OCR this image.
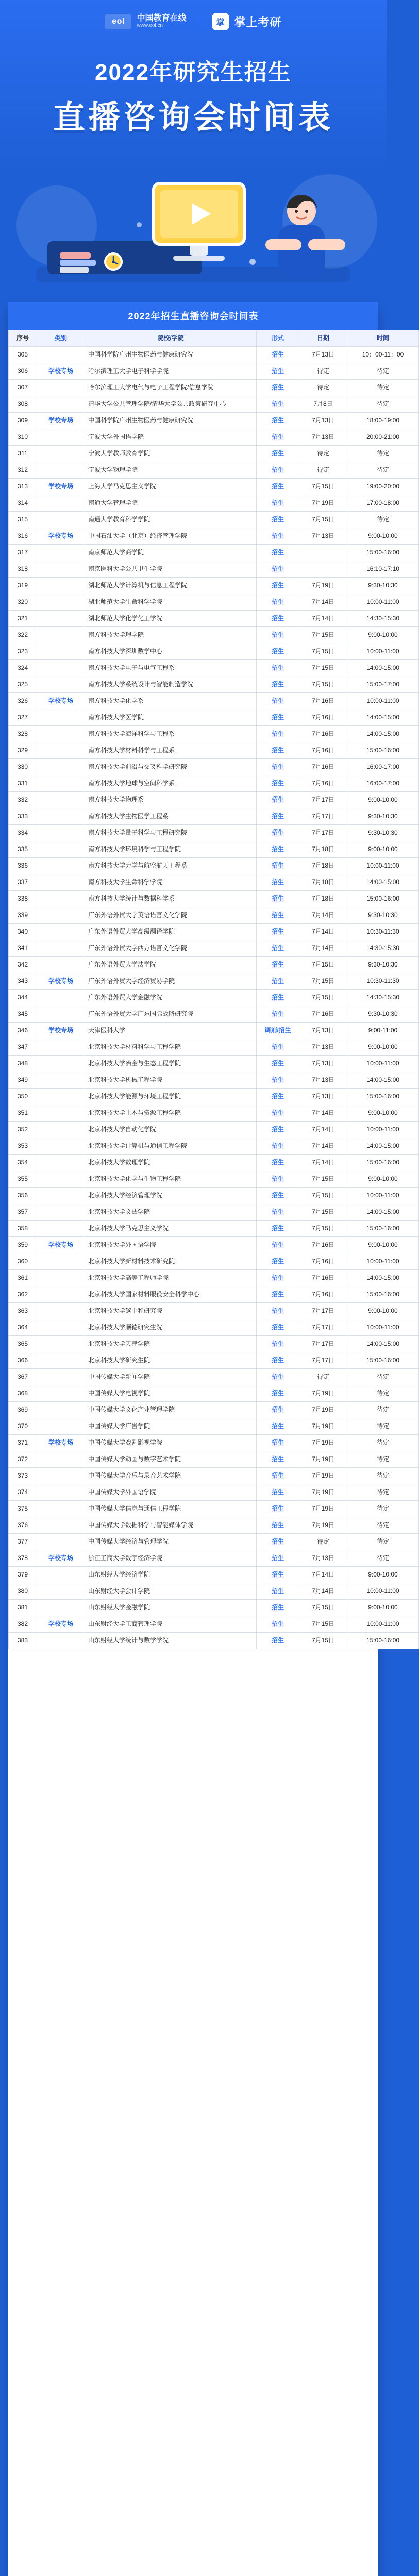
eol	中国教育在线
www.eol.cn	掌 掌上考研
2022年研究生招生
直播咨询会时间表
2022年招生直播咨询会时间表
序号	类别	院校/学院	形式	日期	时间
305		中国科学院广州生物医药与健康研究院	招生	7月13日	10：00-11：00
306	学校专场	哈尔滨理工大学电子科学学院	招生	待定	待定
307		哈尔滨理工大学电气与电子工程学院/信息学院	招生	待定	待定
308		清华大学公共管理学院/清华大学公共政策研究中心	招生	7月8日	待定
309	学校专场	中国科学院广州生物医药与健康研究院	招生	7月13日	18:00-19:00
310		宁波大学外国语学院	招生	7月13日	20:00-21:00
311		宁波大学教师教育学院	招生	待定	待定
312		宁波大学物理学院	招生	待定	待定
313	学校专场	上海大学马克思主义学院	招生	7月15日	19:00-20:00
314		南通大学管理学院	招生	7月19日	17:00-18:00
315		南通大学教育科学学院	招生	7月15日	待定
316	学校专场	中国石油大学（北京）经济管理学院	招生	7月13日	9:00-10:00
317		南京师范大学商学院	招生		15:00-16:00
318		南京医科大学公共卫生学院	招生		16:10-17:10
319		湖北师范大学计算机与信息工程学院	招生	7月19日	9:30-10:30
320		湖北师范大学生命科学学院	招生	7月14日	10:00-11:00
321		湖北师范大学化学化工学院	招生	7月14日	14:30-15:30
322		南方科技大学理学院	招生	7月15日	9:00-10:00
323		南方科技大学深圳数学中心	招生	7月15日	10:00-11:00
324		南方科技大学电子与电气工程系	招生	7月15日	14:00-15:00
325		南方科技大学系统设计与智能制造学院	招生	7月15日	15:00-17:00
326	学校专场	南方科技大学化学系	招生	7月16日	10:00-11:00
327		南方科技大学医学院	招生	7月16日	14:00-15:00
328		南方科技大学海洋科学与工程系	招生	7月16日	14:00-15:00
329		南方科技大学材料科学与工程系	招生	7月16日	15:00-16:00
330		南方科技大学前沿与交叉科学研究院	招生	7月16日	16:00-17:00
331		南方科技大学地球与空间科学系	招生	7月16日	16:00-17:00
332		南方科技大学物理系	招生	7月17日	9:00-10:00
333		南方科技大学生物医学工程系	招生	7月17日	9:30-10:30
334		南方科技大学量子科学与工程研究院	招生	7月17日	9:30-10:30
335		南方科技大学环境科学与工程学院	招生	7月18日	9:00-10:00
336		南方科技大学力学与航空航天工程系	招生	7月18日	10:00-11:00
337		南方科技大学生命科学学院	招生	7月18日	14:00-15:00
338		南方科技大学统计与数据科学系	招生	7月18日	15:00-16:00
339		广东外语外贸大学英语语言文化学院	招生	7月14日	9:30-10:30
340		广东外语外贸大学高级翻译学院	招生	7月14日	10:30-11:30
341		广东外语外贸大学西方语言文化学院	招生	7月14日	14:30-15:30
342		广东外语外贸大学法学院	招生	7月15日	9:30-10:30
343	学校专场	广东外语外贸大学经济贸易学院	招生	7月15日	10:30-11:30
344		广东外语外贸大学金融学院	招生	7月15日	14:30-15:30
345		广东外语外贸大学广东国际战略研究院	招生	7月16日	9:30-10:30
346	学校专场	天津医科大学	调剂/招生	7月13日	9:00-11:00
347		北京科技大学材料科学与工程学院	招生	7月13日	9:00-10:00
348		北京科技大学冶金与生态工程学院	招生	7月13日	10:00-11:00
349		北京科技大学机械工程学院	招生	7月13日	14:00-15:00
350		北京科技大学能源与环境工程学院	招生	7月13日	15:00-16:00
351		北京科技大学土木与资源工程学院	招生	7月14日	9:00-10:00
352		北京科技大学自动化学院	招生	7月14日	10:00-11:00
353		北京科技大学计算机与通信工程学院	招生	7月14日	14:00-15:00
354		北京科技大学数理学院	招生	7月14日	15:00-16:00
355		北京科技大学化学与生物工程学院	招生	7月15日	9:00-10:00
356		北京科技大学经济管理学院	招生	7月15日	10:00-11:00
357		北京科技大学文法学院	招生	7月15日	14:00-15:00
358		北京科技大学马克思主义学院	招生	7月15日	15:00-16:00
359	学校专场	北京科技大学外国语学院	招生	7月16日	9:00-10:00
360		北京科技大学新材料技术研究院	招生	7月16日	10:00-11:00
361		北京科技大学高等工程师学院	招生	7月16日	14:00-15:00
362		北京科技大学国家材料服役安全科学中心	招生	7月16日	15:00-16:00
363		北京科技大学碳中和研究院	招生	7月17日	9:00-10:00
364		北京科技大学顺德研究生院	招生	7月17日	10:00-11:00
365		北京科技大学天津学院	招生	7月17日	14:00-15:00
366		北京科技大学研究生院	招生	7月17日	15:00-16:00
367		中国传媒大学新闻学院	招生	待定	待定
368		中国传媒大学电视学院	招生	7月19日	待定
369		中国传媒大学文化产业管理学院	招生	7月19日	待定
370		中国传媒大学广告学院	招生	7月19日	待定
371	学校专场	中国传媒大学戏剧影视学院	招生	7月19日	待定
372		中国传媒大学动画与数字艺术学院	招生	7月19日	待定
373		中国传媒大学音乐与录音艺术学院	招生	7月19日	待定
374		中国传媒大学外国语学院	招生	7月19日	待定
375		中国传媒大学信息与通信工程学院	招生	7月19日	待定
376		中国传媒大学数据科学与智能媒体学院	招生	7月19日	待定
377		中国传媒大学经济与管理学院	招生	待定	待定
378	学校专场	浙江工商大学数字经济学院	招生	7月13日	待定
379		山东财经大学经济学院	招生	7月14日	9:00-10:00
380		山东财经大学会计学院	招生	7月14日	10:00-11:00
381		山东财经大学金融学院	招生	7月15日	9:00-10:00
382	学校专场	山东财经大学工商管理学院	招生	7月15日	10:00-11:00
383		山东财经大学统计与数学学院	招生	7月15日	15:00-16:00
